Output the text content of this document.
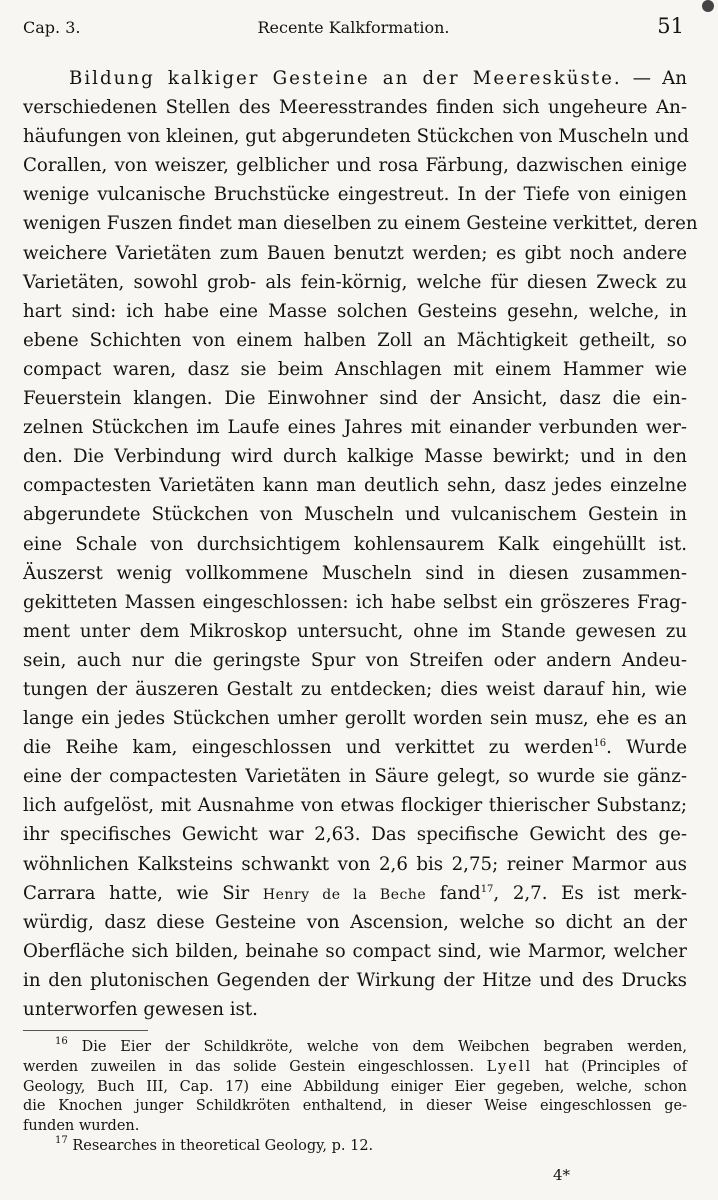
Cap. 3.	Recente Kalkformation.	51
Bildung kalkiger Gesteine an der Meeresküste. — An
verschiedenen Stellen des Meeresstrandes finden sich ungeheure An-
häufungen von kleinen, gut abgerundeten Stückchen von Muscheln und
Corallen, von weiszer, gelblicher und rosa Färbung, dazwischen einige
wenige vulcanische Bruchstücke eingestreut. In der Tiefe von einigen
wenigen Fuszen findet man dieselben zu einem Gesteine verkittet, deren
weichere Varietäten zum Bauen benutzt werden; es gibt noch andere
Varietäten, sowohl grob- als fein-körnig, welche für diesen Zweck zu
hart sind: ich habe eine Masse solchen Gesteins gesehn, welche, in
ebene Schichten von einem halben Zoll an Mächtigkeit getheilt, so
compact waren, dasz sie beim Anschlagen mit einem Hammer wie
Feuerstein klangen. Die Einwohner sind der Ansicht, dasz die ein-
zelnen Stückchen im Laufe eines Jahres mit einander verbunden wer-
den. Die Verbindung wird durch kalkige Masse bewirkt; und in den
compactesten Varietäten kann man deutlich sehn, dasz jedes einzelne
abgerundete Stückchen von Muscheln und vulcanischem Gestein in
eine Schale von durchsichtigem kohlensaurem Kalk eingehüllt ist.
Äuszerst wenig vollkommene Muscheln sind in diesen zusammen-
gekitteten Massen eingeschlossen: ich habe selbst ein gröszeres Frag-
ment unter dem Mikroskop untersucht, ohne im Stande gewesen zu
sein, auch nur die geringste Spur von Streifen oder andern Andeu-
tungen der äuszeren Gestalt zu entdecken; dies weist darauf hin, wie
lange ein jedes Stückchen umher gerollt worden sein musz, ehe es an
die Reihe kam, eingeschlossen und verkittet zu werden$^{16}$. Wurde
eine der compactesten Varietäten in Säure gelegt, so wurde sie gänz-
lich aufgelöst, mit Ausnahme von etwas flockiger thierischer Substanz;
ihr specifisches Gewicht war 2,63. Das specifische Gewicht des ge-
wöhnlichen Kalksteins schwankt von 2,6 bis 2,75; reiner Marmor aus
Carrara hatte, wie Sir Henry de la Beche fand$^{17}$, 2,7. Es ist merk-
würdig, dasz diese Gesteine von Ascension, welche so dicht an der
Oberfläche sich bilden, beinahe so compact sind, wie Marmor, welcher
in den plutonischen Gegenden der Wirkung der Hitze und des Drucks
unterworfen gewesen ist.
$^{16}$ Die Eier der Schildkröte, welche von dem Weibchen begraben werden,
werden zuweilen in das solide Gestein eingeschlossen. Lyell hat (Principles of
Geology, Buch III, Cap. 17) eine Abbildung einiger Eier gegeben, welche, schon
die Knochen junger Schildkröten enthaltend, in dieser Weise eingeschlossen ge-
funden wurden.
$^{17}$ Researches in theoretical Geology, p. 12.
4*
